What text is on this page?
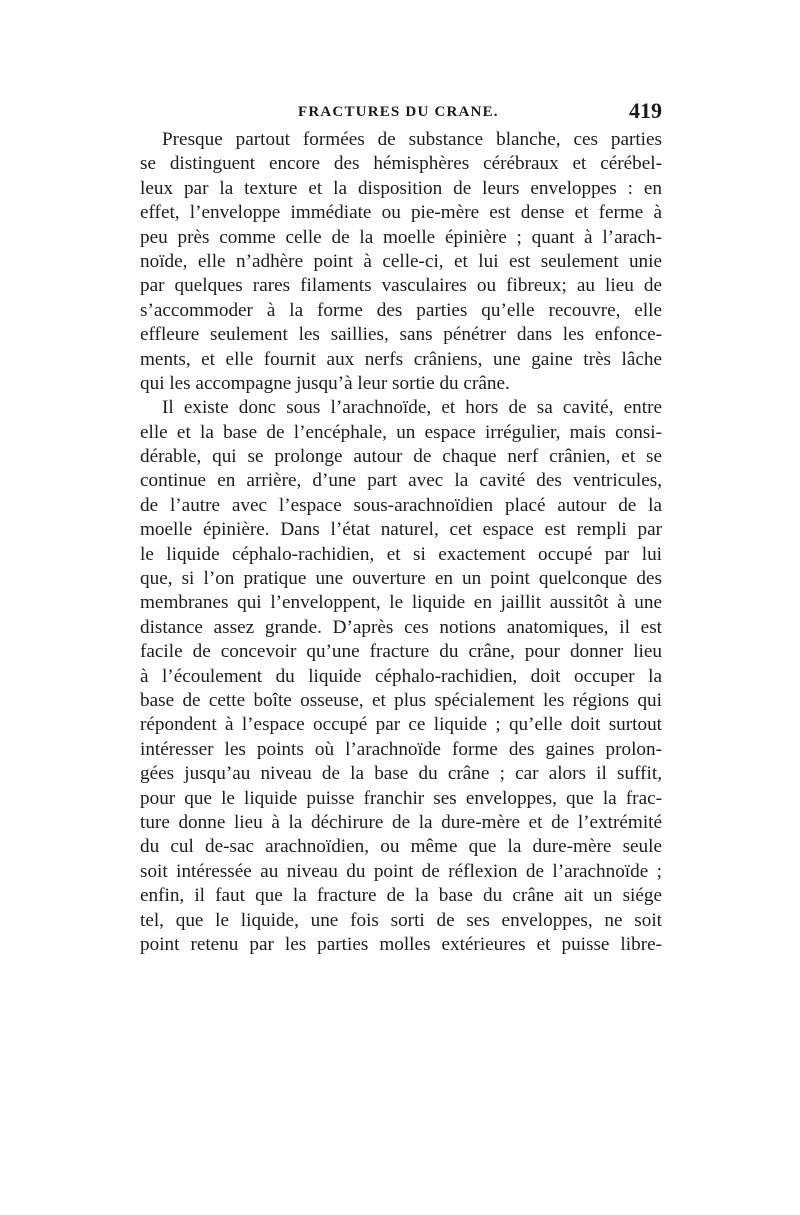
FRACTURES DU CRANE.	419
Presque partout formées de substance blanche, ces parties
se distinguent encore des hémisphères cérébraux et cérébel-
leux par la texture et la disposition de leurs enveloppes : en
effet, l’enveloppe immédiate ou pie-mère est dense et ferme à
peu près comme celle de la moelle épinière ; quant à l’arach-
noïde, elle n’adhère point à celle-ci, et lui est seulement unie
par quelques rares filaments vasculaires ou fibreux; au lieu de
s’accommoder à la forme des parties qu’elle recouvre, elle
effleure seulement les saillies, sans pénétrer dans les enfonce-
ments, et elle fournit aux nerfs crâniens, une gaine très lâche
qui les accompagne jusqu’à leur sortie du crâne.
Il existe donc sous l’arachnoïde, et hors de sa cavité, entre
elle et la base de l’encéphale, un espace irrégulier, mais consi-
dérable, qui se prolonge autour de chaque nerf crânien, et se
continue en arrière, d’une part avec la cavité des ventricules,
de l’autre avec l’espace sous-arachnoïdien placé autour de la
moelle épinière. Dans l’état naturel, cet espace est rempli par
le liquide céphalo-rachidien, et si exactement occupé par lui
que, si l’on pratique une ouverture en un point quelconque des
membranes qui l’enveloppent, le liquide en jaillit aussitôt à une
distance assez grande. D’après ces notions anatomiques, il est
facile de concevoir qu’une fracture du crâne, pour donner lieu
à l’écoulement du liquide céphalo-rachidien, doit occuper la
base de cette boîte osseuse, et plus spécialement les régions qui
répondent à l’espace occupé par ce liquide ; qu’elle doit surtout
intéresser les points où l’arachnoïde forme des gaines prolon-
gées jusqu’au niveau de la base du crâne ; car alors il suffit,
pour que le liquide puisse franchir ses enveloppes, que la frac-
ture donne lieu à la déchirure de la dure-mère et de l’extrémité
du cul de-sac arachnoïdien, ou même que la dure-mère seule
soit intéressée au niveau du point de réflexion de l’arachnoïde ;
enfin, il faut que la fracture de la base du crâne ait un siége
tel, que le liquide, une fois sorti de ses enveloppes, ne soit
point retenu par les parties molles extérieures et puisse libre-
